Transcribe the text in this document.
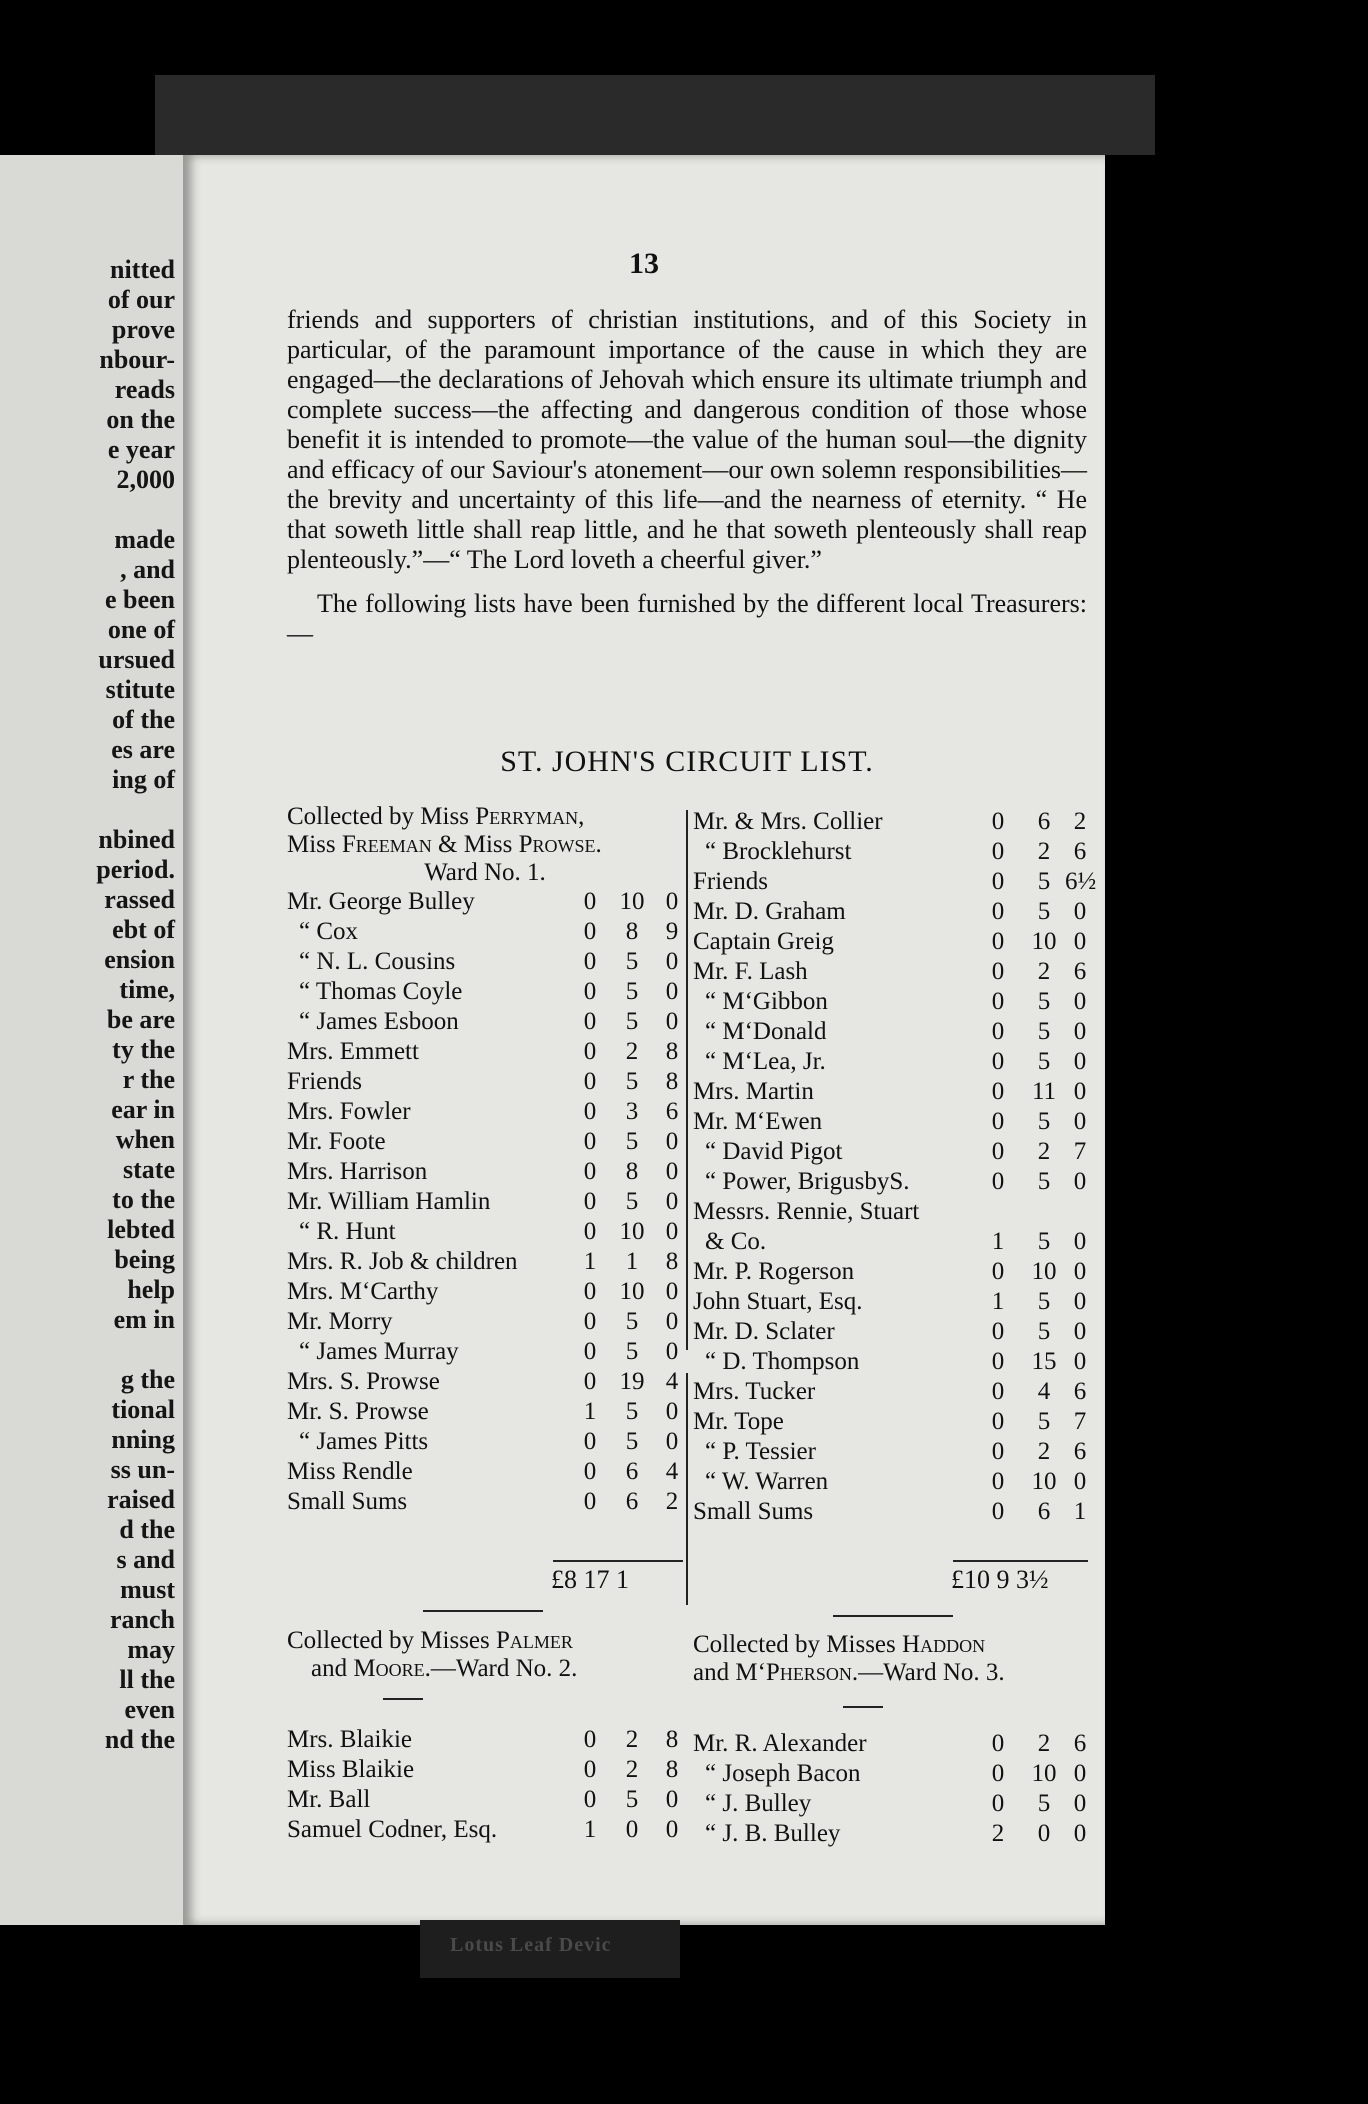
nitted
of our
prove
nbour-
reads
on the
e year
2,000
made
, and
e been
one of
ursued
stitute
of the
es are
ing of
nbined
period.
rassed
ebt of
ension
time,
be are
ty the
r the
ear in
when
state
to the
lebted
being
help
em in
g the
tional
nning
ss un-
raised
d the
s and
must
ranch
may
ll the
even
nd the
13

friends and supporters of christian institutions, and of this Society in particular, of the paramount importance of the cause in which they are engaged—the declarations of Jehovah which ensure its ultimate triumph and complete success—the affecting and dangerous condition of those whose benefit it is intended to promote—the value of the human soul—the dignity and efficacy of our Saviour's atonement—our own solemn responsibilities—the brevity and uncertainty of this life—and the nearness of eternity. “ He that soweth little shall reap little, and he that soweth plenteously shall reap plenteously.”—“ The Lord loveth a cheerful giver.”

The following lists have been furnished by the different local Treasurers:—

ST. JOHN'S CIRCUIT LIST.
Collected by Miss Perryman,
Miss Freeman & Miss Prowse.
Ward No. 1.
Mr. George Bulley	0 10 0
“ Cox	0	8	9
“ N. L. Cousins	0	5	0
“ Thomas Coyle	0	5	0
“ James Esboon	0	5	0
Mrs. Emmett	0	2	8
Friends	0	5	8
Mrs. Fowler	0	3	6
Mr. Foote	0	5	0
Mrs. Harrison	0	8	0
Mr. William Hamlin	0	5	0
“ R. Hunt	0 10 0
Mrs. R. Job & children	1	1	8
Mrs. M‘Carthy	0 10 0
Mr. Morry	0	5	0
“ James Murray	0	5	0
Mrs. S. Prowse	0 19 4
Mr. S. Prowse	1	5	0
“ James Pitts	0	5	0
Miss Rendle	0	6	4
Small Sums	0	6	2
£8 17 1
Mr. & Mrs. Collier	0	6 2
“ Brocklehurst	0	2 6
Friends	0	5 6½
Mr. D. Graham	0	5 0
Captain Greig	0	10 0
Mr. F. Lash	0	2 6
“ M‘Gibbon	0	5 0
“ M‘Donald	0	5 0
“ M‘Lea, Jr.	0	5 0
Mrs. Martin	0	11 0
Mr. M‘Ewen	0	5 0
“ David Pigot	0	2 7
“ Power, BrigusbyS.	0	5 0
Messrs. Rennie, Stuart
& Co.	1	5 0
Mr. P. Rogerson	0	10 0
John Stuart, Esq.	1	5 0
Mr. D. Sclater	0	5 0
“ D. Thompson	0	15 0
Mrs. Tucker	0	4 6
Mr. Tope	0	5 7
“ P. Tessier	0	2 6
“ W. Warren	0	10 0
Small Sums	0	6 1
£10 9 3½
Collected by Misses Palmer
and Moore.—Ward No. 2.
Mrs. Blaikie	0	2	8
Miss Blaikie	0	2	8
Mr. Ball	0	5	0
Samuel Codner, Esq.	1	0	0
Collected by Misses Haddon
and M‘Pherson.—Ward No. 3.
Mr. R. Alexander	0	2 6
“ Joseph Bacon	0	10 0
“ J. Bulley	0	5 0
“ J. B. Bulley	2	0 0
Lotus Leaf Devic
